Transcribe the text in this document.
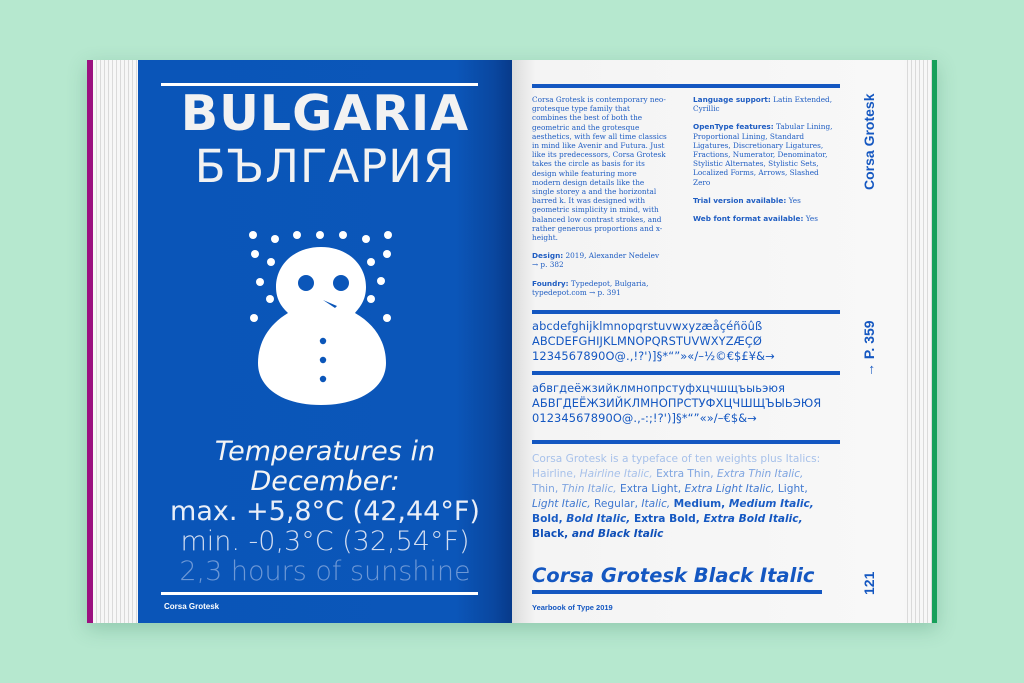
BULGARIA
БЪЛГАРИЯ
Temperatures in
December:
max. +5,8°C (42,44°F)
min. -0,3°C (32,54°F)
2,3 hours of sunshine
Corsa Grotesk

Corsa Grotesk is contemporary neo-grotesque type family that combines the best of both the geometric and the grotesque aesthetics, with few all time classics in mind like Avenir and Futura. Just like its predecessors, Corsa Grotesk takes the circle as basis for its design while featuring more modern design details like the single storey a and the horizontal barred k. It was designed with geometric simplicity in mind, with balanced low contrast strokes, and rather generous proportions and x-height.

Design: 2019, Alexander Nedelev → p. 382

Foundry: Typedepot, Bulgaria, typedepot.com → p. 391

Language support: Latin Extended, Cyrillic

OpenType features: Tabular Lining, Proportional Lining, Standard Ligatures, Discretionary Ligatures, Fractions, Numerator, Denominator, Stylistic Alternates, Stylistic Sets, Localized Forms, Arrows, Slashed Zero

Trial version available: Yes

Web font format available: Yes

Corsa Grotesk
→ P. 359
121
abcdefghijklmnopqrstuvwxyzæåçéñöûß
ABCDEFGHIJKLMNOPQRSTUVWXYZÆÇØ
1234567890O@.,!?')]§*“”»«/–½©€$£¥&→
абвгдеёжзийклмнопрстуфхцчшщъыьэюя
АБВГДЕЁЖЗИЙКЛМНОПРСТУФХЦЧШЩЪЫЬЭЮЯ
01234567890O@.,-:;!?')]§*“”«»/–€$&→
Corsa Grotesk is a typeface of ten weights plus Italics: Hairline, Hairline Italic, Extra Thin, Extra Thin Italic, Thin, Thin Italic, Extra Light, Extra Light Italic, Light, Light Italic, Regular, Italic, Medium, Medium Italic, Bold, Bold Italic, Extra Bold, Extra Bold Italic, Black, and Black Italic
Corsa Grotesk Black Italic
Yearbook of Type 2019
